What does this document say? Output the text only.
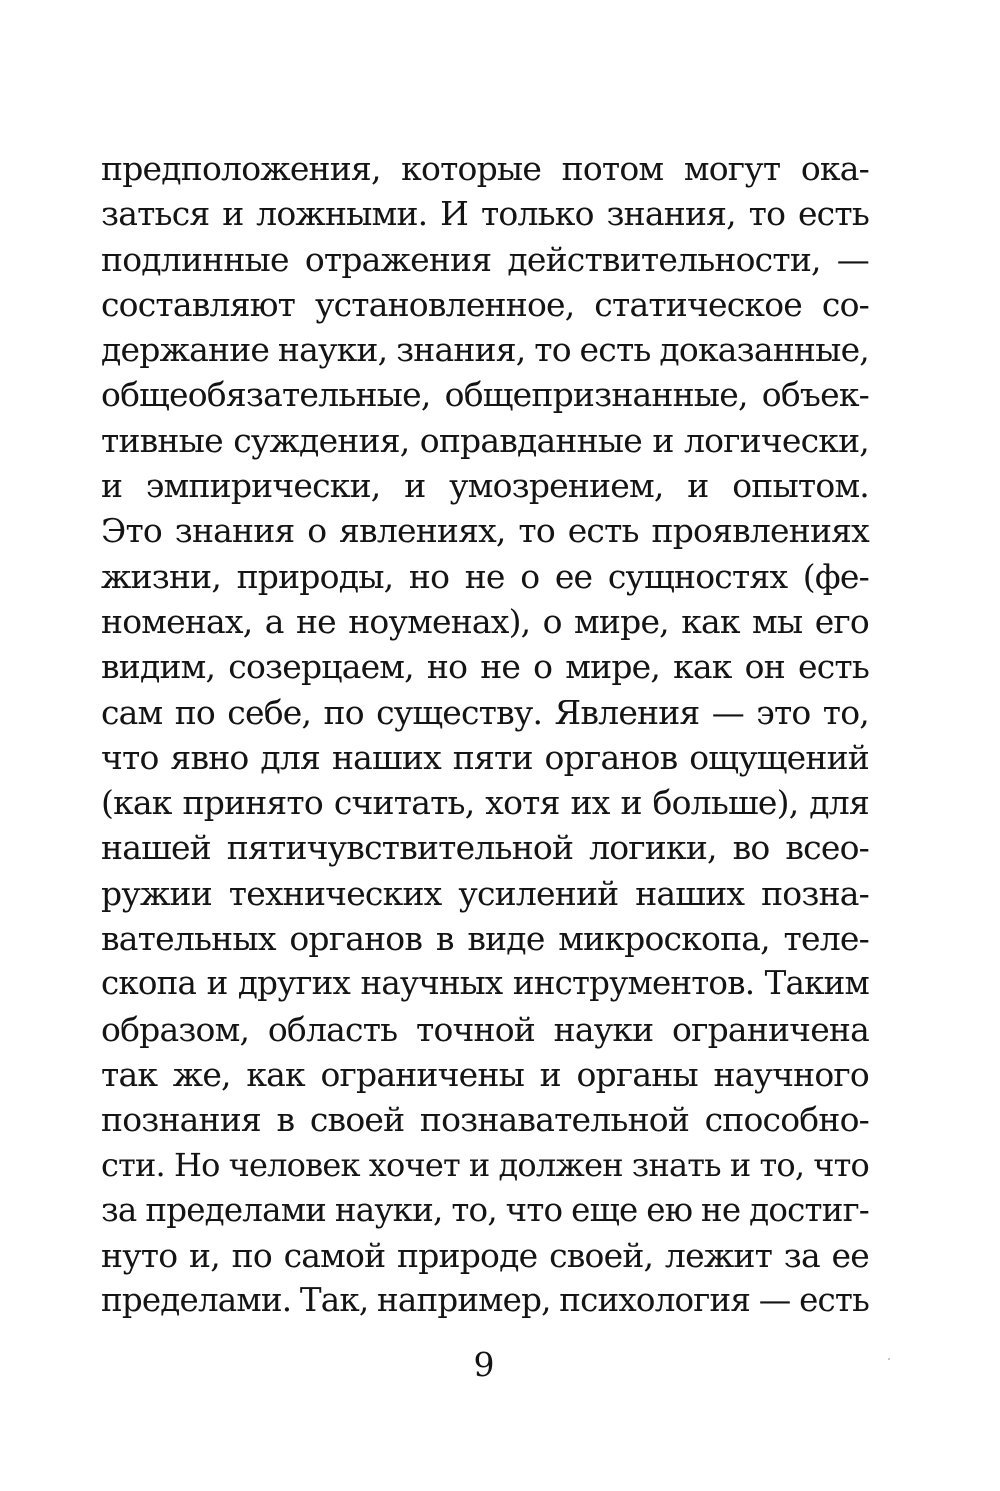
предположения, которые потом могут ока-
заться и ложными. И только знания, то есть
подлинные отражения действительности, —
составляют установленное, статическое со-
держание науки, знания, то есть доказанные,
общеобязательные, общепризнанные, объек-
тивные суждения, оправданные и логически,
и эмпирически, и умозрением, и опытом.
Это знания о явлениях, то есть проявлениях
жизни, природы, но не о ее сущностях (фе-
номенах, а не ноуменах), о мире, как мы его
видим, созерцаем, но не о мире, как он есть
сам по себе, по существу. Явления — это то,
что явно для наших пяти органов ощущений
(как принято считать, хотя их и больше), для
нашей пятичувствительной логики, во всео-
ружии технических усилений наших позна-
вательных органов в виде микроскопа, теле-
скопа и других научных инструментов. Таким
образом, область точной науки ограничена
так же, как ограничены и органы научного
познания в своей познавательной способно-
сти. Но человек хочет и должен знать и то, что
за пределами науки, то, что еще ею не достиг-
нуто и, по самой природе своей, лежит за ее
пределами. Так, например, психология — есть
9
